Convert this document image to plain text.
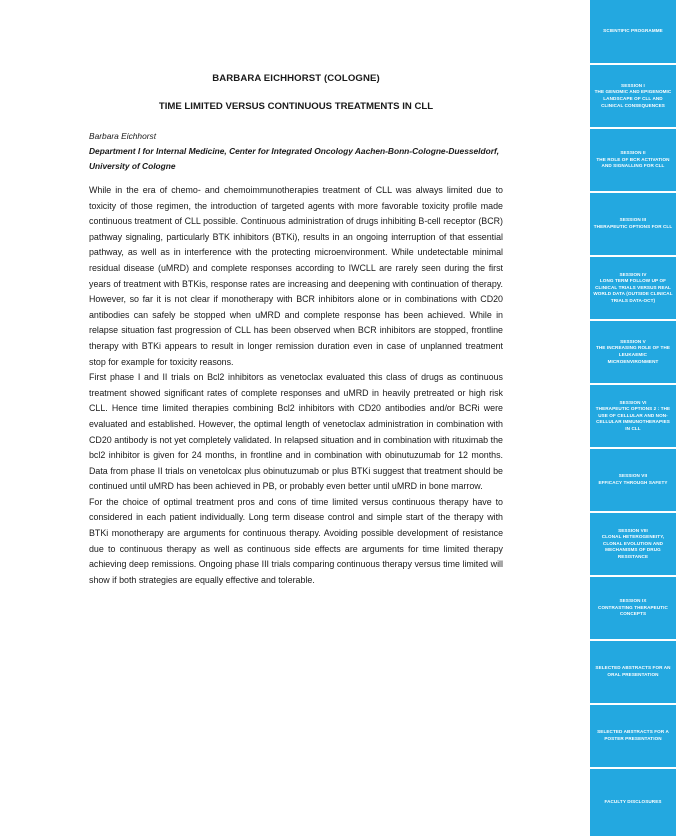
BARBARA EICHHORST (COLOGNE)
TIME LIMITED VERSUS CONTINUOUS TREATMENTS IN CLL
Barbara Eichhorst
Department I for Internal Medicine, Center for Integrated Oncology Aachen-Bonn-Cologne-Duesseldorf, University of Cologne

While in the era of chemo- and chemoimmunotherapies treatment of CLL was always limited due to toxicity of those regimen, the introduction of targeted agents with more favorable toxicity profile made continuous treatment of CLL possible. Continuous administration of drugs inhibiting B-cell receptor (BCR) pathway signaling, particularly BTK inhibitors (BTKi), results in an ongoing interruption of that essential pathway, as well as in interference with the protecting microenvironment. While undetectable minimal residual disease (uMRD) and complete responses according to IWCLL are rarely seen during the first years of treatment with BTKis, response rates are increasing and deepening with continuation of therapy. However, so far it is not clear if monotherapy with BCR inhibitors alone or in combinations with CD20 antibodies can safely be stopped when uMRD and complete response has been achieved. While in relapse situation fast progression of CLL has been observed when BCR inhibitors are stopped, frontline therapy with BTKi appears to result in longer remission duration even in case of unplanned treatment stop for example for toxicity reasons.

First phase I and II trials on Bcl2 inhibitors as venetoclax evaluated this class of drugs as continuous treatment showed significant rates of complete responses and uMRD in heavily pretreated or high risk CLL. Hence time limited therapies combining Bcl2 inhibitors with CD20 antibodies and/or BCRi were evaluated and established. However, the optimal length of venetoclax administration in combination with CD20 antibody is not yet completely validated. In relapsed situation and in combination with rituximab the bcl2 inhibitor is given for 24 months, in frontline and in combination with obinutuzumab for 12 months. Data from phase II trials on venetolcax plus obinutuzumab or plus BTKi suggest that treatment should be continued until uMRD has been achieved in PB, or probably even better until uMRD in bone marrow.

For the choice of optimal treatment pros and cons of time limited versus continuous therapy have to considered in each patient individually. Long term disease control and simple start of the therapy with BTKi monotherapy are arguments for continuous therapy. Avoiding possible development of resistance due to continuous therapy as well as continuous side effects are arguments for time limited therapy achieving deep remissions. Ongoing phase III trials comparing continuous therapy versus time limited will show if both strategies are equally effective and tolerable.

SCIENTIFIC PROGRAMME
SESSION I
THE GENOMIC AND EPIGENOMIC LANDSCAPE OF CLL AND CLINICAL CONSEQUENCES
SESSION II
THE ROLE OF BCR ACTIVATION AND SIGNALLING FOR CLL
SESSION III
THERAPEUTIC OPTIONS FOR CLL
SESSION IV
LONG TERM FOLLOW UP OF CLINICAL TRIALS VERSUS REAL WORLD DATA (OUTSIDE CLINICAL TRIALS DATA-OCT)
SESSION V
THE INCREASING ROLE OF THE LEUKAEMIC MICROENVIRONMENT
SESSION VI
THERAPEUTIC OPTIONS 2 : THE USE OF CELLULAR AND NON-CELLULAR IMMUNOTHERAPIES IN CLL
SESSION VII
EFFICACY THROUGH SAFETY
SESSION VIII
CLONAL HETEROGENEITY, CLONAL EVOLUTION AND MECHANISMS OF DRUG RESISTANCE
SESSION IX
CONTRASTING THERAPEUTIC CONCEPTS
SELECTED ABSTRACTS FOR AN ORAL PRESENTATION
SELECTED ABSTRACTS FOR A POSTER PRESENTATION
FACULTY DISCLOSURES
